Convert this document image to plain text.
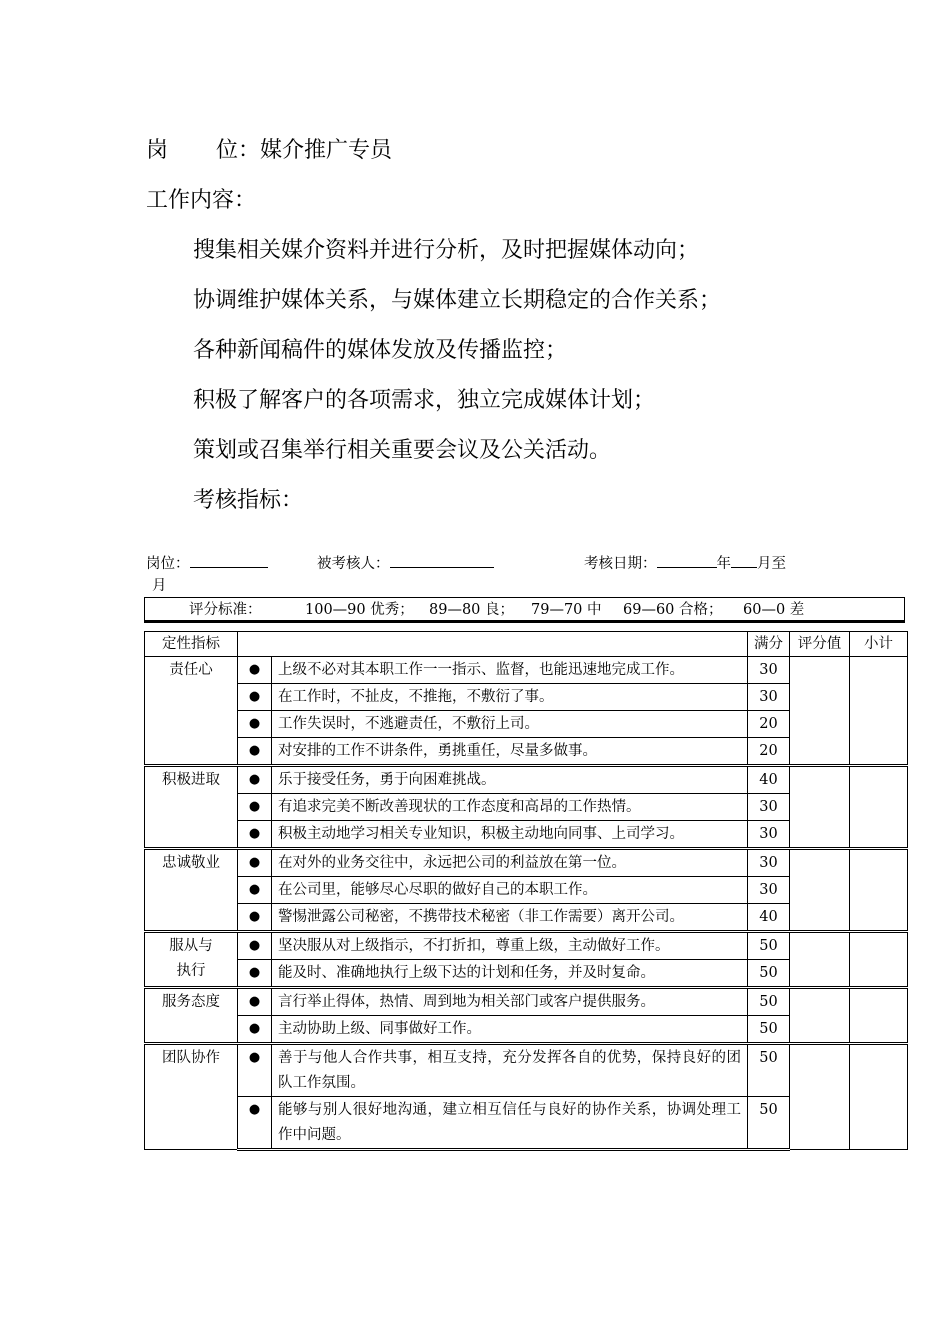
岗 位：媒介推广专员
工作内容：
搜集相关媒介资料并进行分析，及时把握媒体动向；
协调维护媒体关系，与媒体建立长期稳定的合作关系；
各种新闻稿件的媒体发放及传播监控；
积极了解客户的各项需求，独立完成媒体计划；
策划或召集举行相关重要会议及公关活动。
考核指标：
岗位：	被考核人：	考核日期：	年 月至
月
评分标准：	100—90 优秀； 89—80 良； 79—70 中 69—60 合格； 60—0 差
定性指标			满分	评分值	小计
责任心	●	上级不必对其本职工作一一指示、监督，也能迅速地完成工作。	30		
	●	在工作时，不扯皮，不推拖，不敷衍了事。	30		
	●	工作失误时，不逃避责任，不敷衍上司。	20		
	●	对安排的工作不讲条件，勇挑重任，尽量多做事。	20		
积极进取	●	乐于接受任务，勇于向困难挑战。	40		
	●	有追求完美不断改善现状的工作态度和高昂的工作热情。	30		
	●	积极主动地学习相关专业知识，积极主动地向同事、上司学习。	30		
忠诚敬业	●	在对外的业务交往中，永远把公司的利益放在第一位。	30		
	●	在公司里，能够尽心尽职的做好自己的本职工作。	30		
	●	警惕泄露公司秘密，不携带技术秘密（非工作需要）离开公司。	40		
服从与执行	●	坚决服从对上级指示，不打折扣，尊重上级，主动做好工作。	50		
	●	能及时、准确地执行上级下达的计划和任务，并及时复命。	50		
服务态度	●	言行举止得体，热情、周到地为相关部门或客户提供服务。	50		
	●	主动协助上级、同事做好工作。	50		
团队协作	●	善于与他人合作共事，相互支持，充分发挥各自的优势，保持良好的团队工作氛围。	50		
	●	能够与别人很好地沟通，建立相互信任与良好的协作关系，协调处理工作中问题。	50		
